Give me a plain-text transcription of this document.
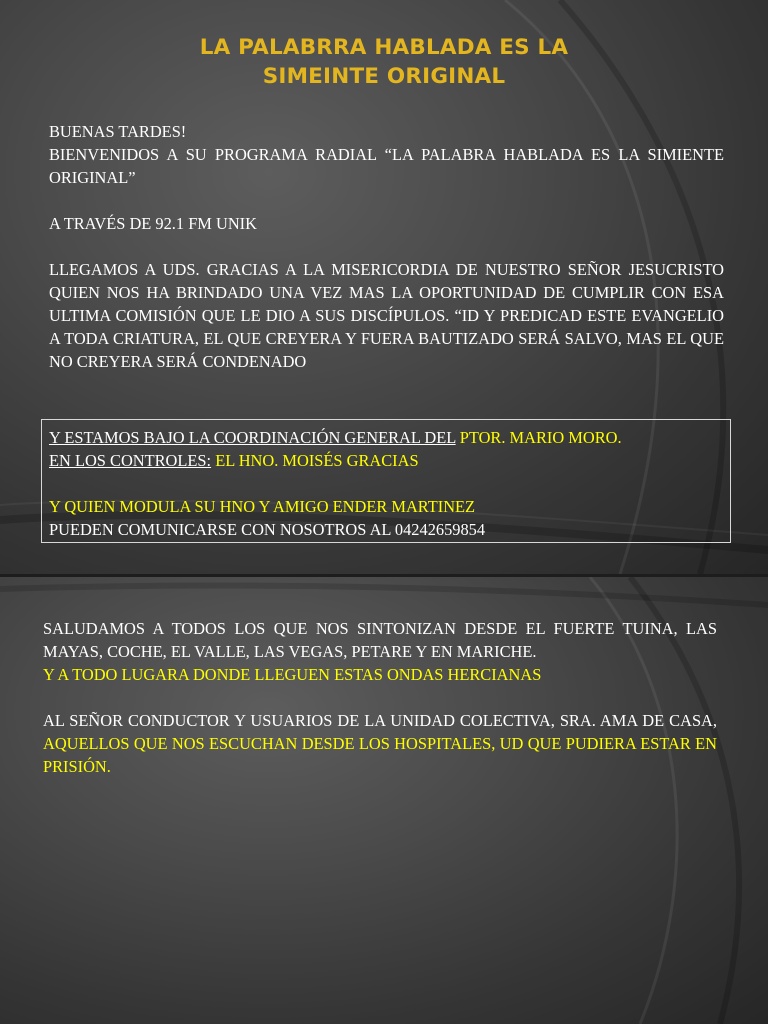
LA PALABRRA HABLADA ES LA
SIMEINTE ORIGINAL

BUENAS TARDES!

BIENVENIDOS A SU PROGRAMA RADIAL “LA PALABRA HABLADA ES LA SIMIENTE ORIGINAL”

A TRAVÉS DE 92.1 FM UNIK

LLEGAMOS A UDS. GRACIAS A LA MISERICORDIA DE NUESTRO SEÑOR JESUCRISTO QUIEN NOS HA BRINDADO UNA VEZ MAS LA OPORTUNIDAD DE CUMPLIR CON ESA ULTIMA COMISIÓN QUE LE DIO A SUS DISCÍPULOS. “ID Y PREDICAD ESTE EVANGELIO A TODA CRIATURA, EL QUE CREYERA Y FUERA BAUTIZADO SERÁ SALVO, MAS EL QUE NO CREYERA SERÁ CONDENADO

Y ESTAMOS BAJO LA COORDINACIÓN GENERAL DEL PTOR. MARIO MORO.

EN LOS CONTROLES: EL HNO. MOISÉS GRACIAS

Y QUIEN MODULA SU HNO Y AMIGO ENDER MARTINEZ

PUEDEN COMUNICARSE CON NOSOTROS AL 04242659854

SALUDAMOS A TODOS LOS QUE NOS SINTONIZAN DESDE EL FUERTE TUINA, LAS MAYAS, COCHE, EL VALLE, LAS VEGAS, PETARE Y EN MARICHE.

Y A TODO LUGARA DONDE LLEGUEN ESTAS ONDAS HERCIANAS

AL SEÑOR CONDUCTOR Y USUARIOS DE LA UNIDAD COLECTIVA, SRA. AMA DE CASA, AQUELLOS QUE NOS ESCUCHAN DESDE LOS HOSPITALES, UD QUE PUDIERA ESTAR EN PRISIÓN.
